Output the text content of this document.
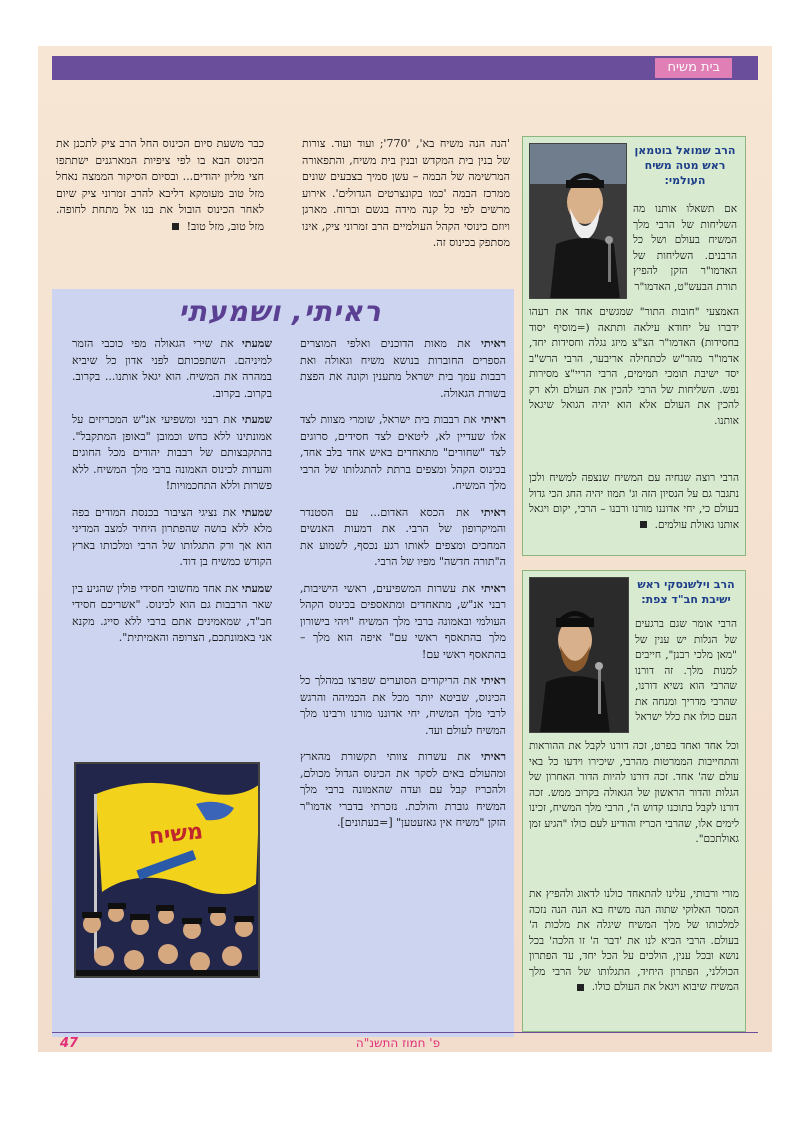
בית משיח
'הנה הנה משיח בא', '770'; ועוד ועוד. צורות של בנין בית המקדש ובנין בית משיח, והתפאורה המרשימה של הבמה – עשן סמיך בצבעים שונים ממרכז הבמה 'כמו בקונצרטים הגדולים'. אירוע מרשים לפי כל קנה מידה בגשם וברוח. מארגן ויוזם כינוסי הקהל העולמיים הרב זמרוני ציק, אינו מסתפק בכינוס זה.
כבר משעת סיום הכינוס החל הרב ציק לתכנן את הכינוס הבא בו לפי ציפיות המארגנים ישתתפו חצי מליון יהודים... ובסיום הסיקור הממצה נאחל מזל טוב מעומקא דליבא להרב זמרוני ציק שיום לאחר הכינוס הובול את בנו אל מתחת לחופה. מזל טוב, מזל טוב!
הרב שמואל בוטמאן ראש מטה משיח העולמי:
אם תשאלו אותנו מה השליחות של הרבי מלך המשיח בעולם ושל כל הרבנים. השליחות של האדמו"ר הזקן להפיץ תורת הבעש"ט, האדמו"ר
האמצעי "חובות התור" שמגשים אחד את רעהו ידברו על יחודא עילאה ותתאה (=מוסיף יסוד בחסידות) האדמו"ר הצ"צ מיזג נגלה וחסידות יחד, אדמו"ר מהר"ש לכתחילה אריבער, הרבי הרש"ב יסד ישיבת תומכי תמימים, הרבי הריי"צ מסירות נפש. השליחות של הרבי להכין את העולם ולא רק להכין את העולם אלא הוא יהיה הגואל שיגאל אותנו.
הרבי רוצה שנחיה עם המשיח שנצפה למשיח ולכן נתגבר גם על הנסיון הזה וג' תמוז יהיה החג הכי גדול בעולם כי, יחי אדוננו מורנו ורבנו – הרבי, יקום ויגאל אותנו גאולת עולמים.
הרב וילשנסקי ראש ישיבת חב"ד צפת:
הרבי אומר שגם ברגעים של הגלות יש ענין של "מאן מלכי רבנן", חייבים למנות מלך. זה דורנו שהרבי הוא נשיא דורנו, שהרבי מדריך ומנחה את העם כולו את כלל ישראל
וכל אחד ואחד בפרט, זכה דורנו לקבל את ההוראות והתחייבות הממרטות מהרבי, שיכירו וידעו כל באי עולם שה' אחד. זכה דורנו להיות הדור האחרון של הגלות והדור הראשון של הגאולה בקרוב ממש. זכה דורנו לקבל בתוכנו קדוש ה', הרבי מלך המשיח, זכינו לימים אלו, שהרבי הכריז והודיע לעם כולו "הגיע זמן גאולתכם".
מורי ורבותי, עלינו להתאחד כולנו לדאוג ולהפיץ את המסר האלוקי שתוה הנה משיח בא הנה הנה נזכה למלכותו של מלך המשיח שיגלה את מלכות ה' בעולם. הרבי הביא לנו את 'דבר ה' זו הלכה' בכל נושא ובכל ענין, הולכים על הכל יחד, עד הפתרון הכוללני, הפתרון היחיד, התגלותו של הרבי מלך המשיח שיבוא ויגאל את העולם כולו.
ראיתי, ושמעתי
ראיתי את מאות הדוכנים ואלפי המוצרים הספרים החוברות בנושא משיח וגאולה ואת רבבות עמך בית ישראל מתענין וקונה את הפצת בשורת הגאולה.
ראיתי את רבבות בית ישראל, שומרי מצוות לצד אלו שעדיין לא, ליטאים לצד חסידים, סרוגים לצד "שחורים" מתאחדים באיש אחד בלב אחד, בכינוס הקהל ומצפים ברתת להתגלותו של הרבי מלך המשיח.
ראיתי את הכסא האדום... עם הסטנדר והמיקרופון של הרבי. את דמעות האנשים המחכים ומצפים לאותו רגע נכסף, לשמוע את ה"תורה חדשה" מפיו של הרבי.
ראיתי את עשרות המשפיעים, ראשי הישיבות, רבני אנ"ש, מתאחדים ומתאספים בכינוס הקהל העולמי ובאמונה ברבי מלך המשיח "ויהי בישורון מלך בהתאסף ראשי עם" איפה הוא מלך – בהתאסף ראשי עם!
ראיתי את הריקודים הסוערים שפרצו במהלך כל הכינוס, שביטא יותר מכל את הכמיהה והרגש לרבי מלך המשיח, יחי אדוננו מורנו ורבינו מלך המשיח לעולם ועד.
ראיתי את עשרות צוותי תקשורת מהארץ ומהעולם באים לסקר את הכינוס הגדול מכולם, ולהכריז קבל עם ועדה שהאמונה ברבי מלך המשיח גוברת והולכת. נזכרתי בדברי אדמו"ר הזקן "משיח אין גאזעטען" [=בעתונים].
שמעתי את שירי הגאולה מפי כוכבי הזמר למיניהם. השתפכותם לפני אדון כל שיביא במהרה את המשיח. הוא יגאל אותנו... בקרוב. בקרוב. בקרוב.
שמעתי את רבני ומשפיעי אנ"ש המכריזים על אמונתינו ללא כחש וכמובן "באופן המתקבל". בהתקבצותם של רבבות יהודים מכל החוגים והעדות לכינוס האמונה ברבי מלך המשיח. ללא פשרות וללא התחכמויות!
שמעתי את נציגי הציבור בכנסת המודים בפה מלא ללא בושה שהפתרון היחיד למצב המדיני הוא אך ורק התגלותו של הרבי ומלכותו בארץ הקודש כמשיח בן דוד.
שמעתי את אחד מחשובי חסידי פולין שהגיע בין שאר הרבבות גם הוא לכינוס. "אשריכם חסידי חב"ד, שמאמינים אתם ברבי ללא סייג. מקנא אני באמונתכם, הצרופה והאמיתית".
משיח
47	פ' חמוז התשנ"ה
